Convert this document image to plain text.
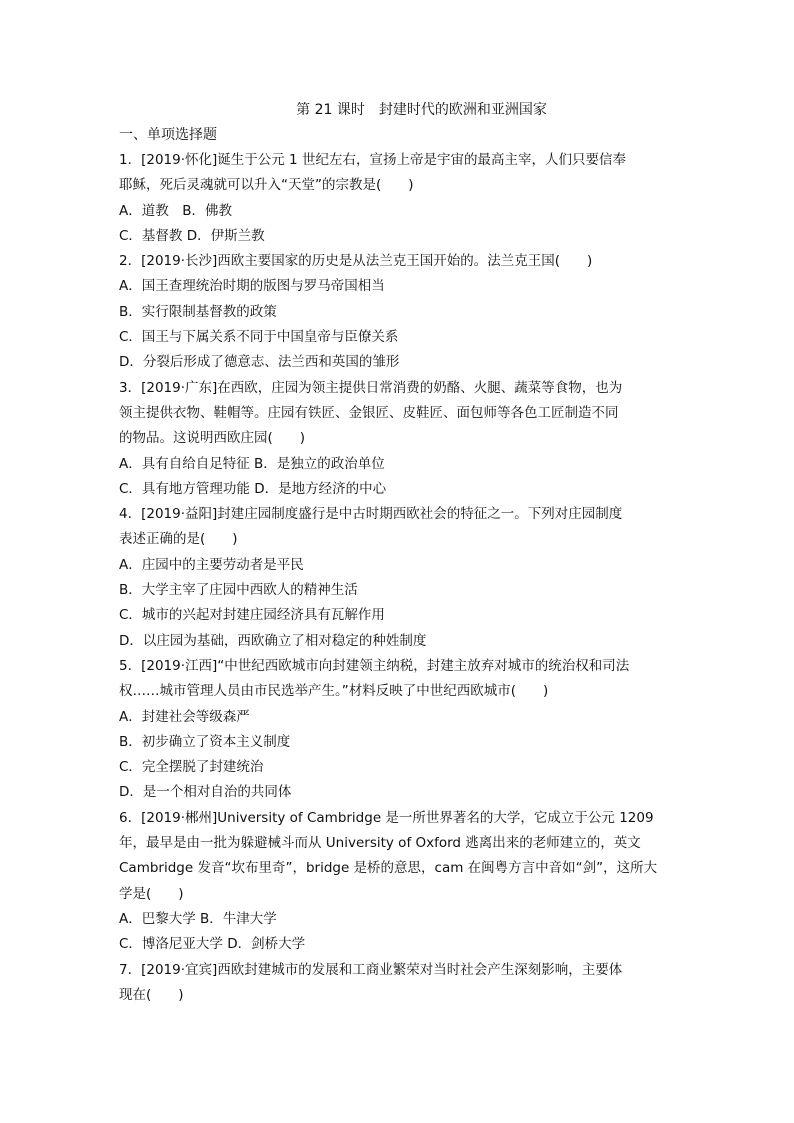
第 21 课时　封建时代的欧洲和亚洲国家
一、单项选择题
1．[2019·怀化]诞生于公元 1 世纪左右，宣扬上帝是宇宙的最高主宰，人们只要信奉
耶稣，死后灵魂就可以升入“天堂”的宗教是(　　)
A．道教　B．佛教
C．基督教 D．伊斯兰教
2．[2019·长沙]西欧主要国家的历史是从法兰克王国开始的。法兰克王国(　　)
A．国王查理统治时期的版图与罗马帝国相当
B．实行限制基督教的政策
C．国王与下属关系不同于中国皇帝与臣僚关系
D．分裂后形成了德意志、法兰西和英国的雏形
3．[2019·广东]在西欧，庄园为领主提供日常消费的奶酪、火腿、蔬菜等食物，也为
领主提供衣物、鞋帽等。庄园有铁匠、金银匠、皮鞋匠、面包师等各色工匠制造不同
的物品。这说明西欧庄园(　　)
A．具有自给自足特征 B．是独立的政治单位
C．具有地方管理功能 D．是地方经济的中心
4．[2019·益阳]封建庄园制度盛行是中古时期西欧社会的特征之一。下列对庄园制度
表述正确的是(　　)
A．庄园中的主要劳动者是平民
B．大学主宰了庄园中西欧人的精神生活
C．城市的兴起对封建庄园经济具有瓦解作用
D．以庄园为基础，西欧确立了相对稳定的种姓制度
5．[2019·江西]“中世纪西欧城市向封建领主纳税，封建主放弃对城市的统治权和司法
权……城市管理人员由市民选举产生。”材料反映了中世纪西欧城市(　　)
A．封建社会等级森严
B．初步确立了资本主义制度
C．完全摆脱了封建统治
D．是一个相对自治的共同体
6．[2019·郴州]University of Cambridge 是一所世界著名的大学，它成立于公元 1209
年，最早是由一批为躲避械斗而从 University of Oxford 逃离出来的老师建立的，英文
Cambridge 发音“坎布里奇”，bridge 是桥的意思，cam 在闽粤方言中音如“剑”，这所大
学是(　　)
A．巴黎大学 B．牛津大学
C．博洛尼亚大学 D．剑桥大学
7．[2019·宜宾]西欧封建城市的发展和工商业繁荣对当时社会产生深刻影响，主要体
现在(　　)
